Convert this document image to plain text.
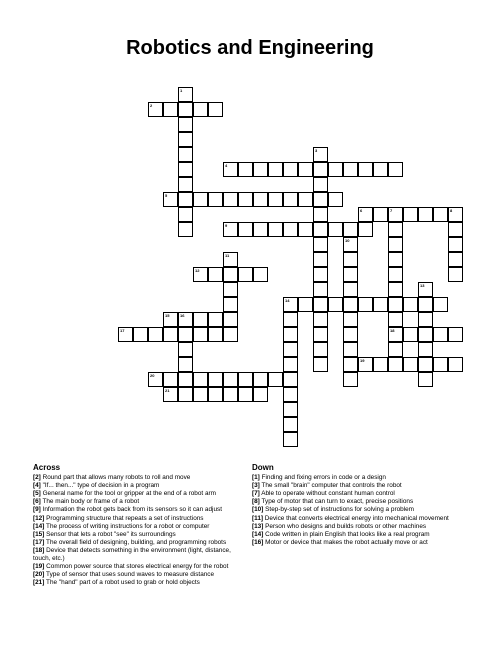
Robotics and Engineering
1
2
3
4
5
6	7	8
18
9
10
11
12
13
14
15	16
17
19
20
21
Across
[2] Round part that allows many robots to roll and move
[4] "If... then..." type of decision in a program
[5] General name for the tool or gripper at the end of a robot arm
[6] The main body or frame of a robot
[9] Information the robot gets back from its sensors so it can adjust
[12] Programming structure that repeats a set of instructions
[14] The process of writing instructions for a robot or computer
[15] Sensor that lets a robot "see" its surroundings
[17] The overall field of designing, building, and programming robots
[18] Device that detects something in the environment (light, distance, touch, etc.)
[19] Common power source that stores electrical energy for the robot
[20] Type of sensor that uses sound waves to measure distance
[21] The "hand" part of a robot used to grab or hold objects
Down
[1] Finding and fixing errors in code or a design
[3] The small "brain" computer that controls the robot
[7] Able to operate without constant human control
[8] Type of motor that can turn to exact, precise positions
[10] Step-by-step set of instructions for solving a problem
[11] Device that converts electrical energy into mechanical movement
[13] Person who designs and builds robots or other machines
[14] Code written in plain English that looks like a real program
[16] Motor or device that makes the robot actually move or act
